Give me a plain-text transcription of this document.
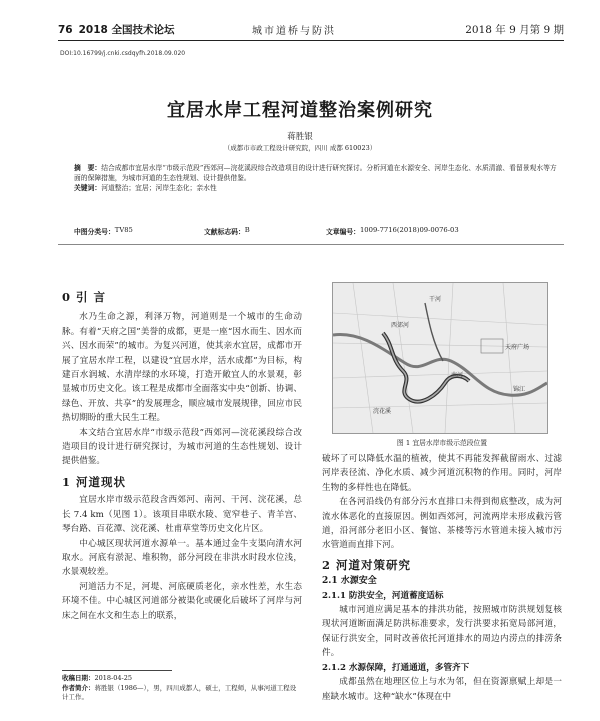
76 2018 全国技术论坛	城市道桥与防洪	2018 年 9 月第 9 期
DOI:10.16799/j.cnki.csdqyfh.2018.09.020
宜居水岸工程河道整治案例研究
蒋胜银
（成都市市政工程设计研究院，四川 成都 610023）
摘　要：结合成都市宜居水岸“市级示范段”西郊河—浣花溪段综合改造项目的设计进行研究探讨。分析河道在水源安全、河岸生态化、水质清澈、看留景观水等方面的保障措施，为城市河道的生态性规划、设计提供借鉴。
关键词：河道整治；宜居；河岸生态化；亲水性
中图分类号： TV85	文献标志码： B	文章编号： 1009-7716(2018)09-0076-03
0 引 言

水乃生命之源，利泽万物，河道则是一个城市的生命动脉。有着“天府之国”美誉的成都，更是一座“因水而生、因水而兴、因水而荣”的城市。为复兴河道，使其亲水宜居，成都市开展了宜居水岸工程，以建设“宜居水岸，活水成都”为目标，构建百水润城、水清岸绿的水环境，打造开敞宜人的水景观，彰显城市历史文化。该工程是成都市全面落实中央“创新、协调、绿色、开放、共享”的发展理念，顺应城市发展规律，回应市民热切期盼的重大民生工程。

本文结合宜居水岸“市级示范段”西郊河—浣花溪段综合改造项目的设计进行研究探讨，为城市河道的生态性规划、设计提供借鉴。

1 河道现状

宜居水岸市级示范段含西郊河、南河、干河、浣花溪，总长 7.4 km（见图 1）。该项目串联水陵、宽窄巷子、青羊宫、琴台路、百花潭、浣花溪、杜甫草堂等历史文化片区。

中心城区现状河道水源单一。基本通过金牛支渠向清水河取水。河底有淤泥、堆积物，部分河段在非洪水时段水位浅，水景观较差。

河道活力不足，河堤、河底硬质老化，亲水性差，水生态环境不佳。中心城区河道部分被渠化或硬化后破坏了河岸与河床之间在水文和生态上的联系，

收稿日期：2018-04-25
作者简介：蒋胜银（1986—），男，四川成都人，硕士，工程师，从事河道工程设计工作。
西郊河
南河
干河
浣花溪
天府广场
锦江
图 1 宜居水岸市级示范段位置

破坏了可以降低水温的植被，使其不再能发挥截留雨水、过滤河岸表径流、净化水质、减少河道沉积物的作用。同时，河岸生物的多样性也在降低。

在各河沿线仍有部分污水直排口未得到彻底整改，成为河流水体恶化的直接原因。例如西郊河，河流两岸未形成截污管道，沿河部分老旧小区、餐馆、茶楼等污水管道未接入城市污水管道而直排下河。

2 河道对策研究
2.1 水源安全
2.1.1 防洪安全，河道蓄度适标

城市河道应满足基本的排洪功能，按照城市防洪规划复核现状河道断面满足防洪标准要求，发行洪要求拓宽局部河道，保证行洪安全，同时改善依托河道排水的周边内涝点的排涝条件。

2.1.2 水源保障，打通通道，多管齐下

成都虽然在地理区位上与水为邻，但在资源禀赋上却是一座缺水城市。这种“缺水”体现在中
